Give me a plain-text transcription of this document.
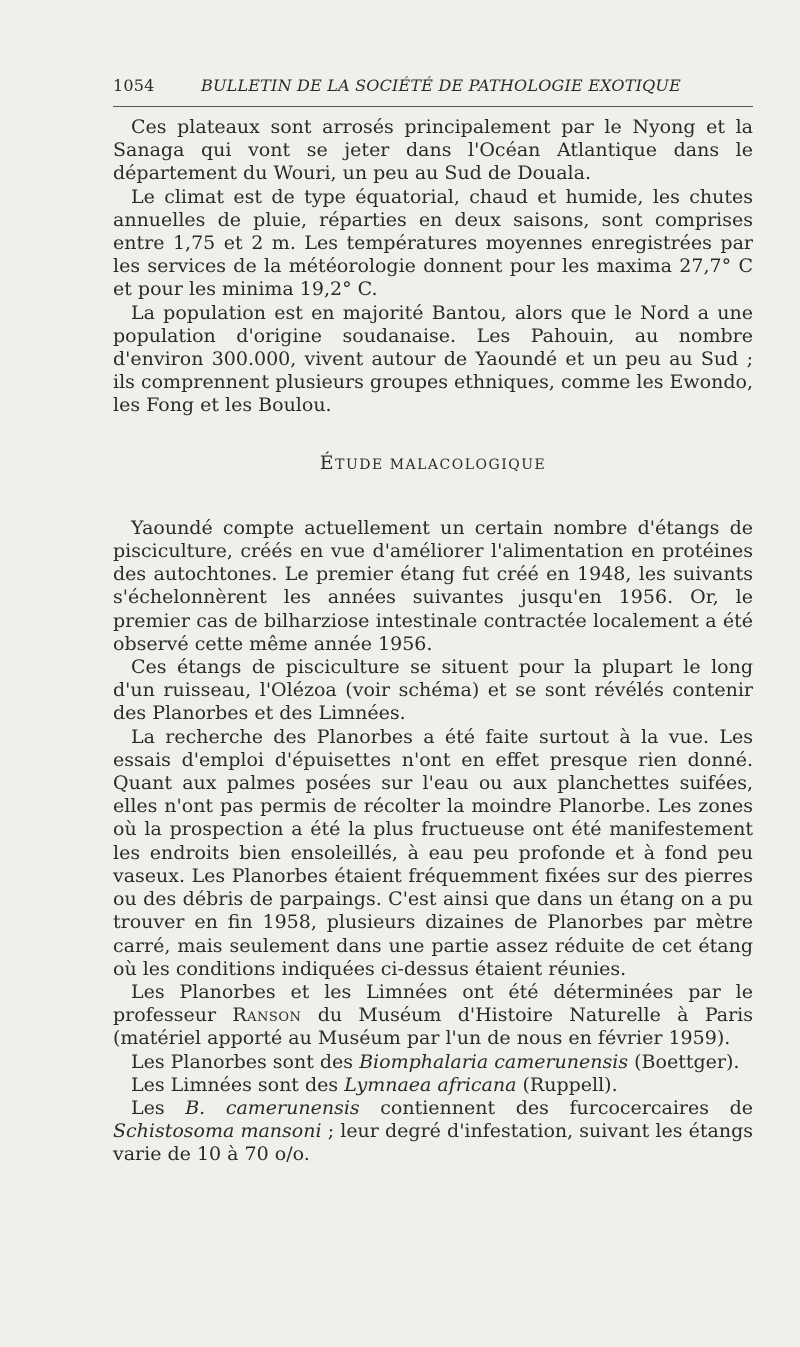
1054	BULLETIN DE LA SOCIÉTÉ DE PATHOLOGIE EXOTIQUE

Ces plateaux sont arrosés principalement par le Nyong et la Sanaga qui vont se jeter dans l'Océan Atlantique dans le département du Wouri, un peu au Sud de Douala.

Le climat est de type équatorial, chaud et humide, les chutes annuelles de pluie, réparties en deux saisons, sont comprises entre 1,75 et 2 m. Les températures moyennes enregistrées par les services de la météorologie donnent pour les maxima 27,7° C et pour les minima 19,2° C.

La population est en majorité Bantou, alors que le Nord a une population d'origine soudanaise. Les Pahouin, au nombre d'environ 300.000, vivent autour de Yaoundé et un peu au Sud ; ils comprennent plusieurs groupes ethniques, comme les Ewondo, les Fong et les Boulou.

ÉTUDE MALACOLOGIQUE

Yaoundé compte actuellement un certain nombre d'étangs de pisciculture, créés en vue d'améliorer l'alimentation en protéines des autochtones. Le premier étang fut créé en 1948, les suivants s'échelonnèrent les années suivantes jusqu'en 1956. Or, le premier cas de bilharziose intestinale contractée localement a été observé cette même année 1956.

Ces étangs de pisciculture se situent pour la plupart le long d'un ruisseau, l'Olézoa (voir schéma) et se sont révélés contenir des Planorbes et des Limnées.

La recherche des Planorbes a été faite surtout à la vue. Les essais d'emploi d'épuisettes n'ont en effet presque rien donné. Quant aux palmes posées sur l'eau ou aux planchettes suifées, elles n'ont pas permis de récolter la moindre Planorbe. Les zones où la prospection a été la plus fructueuse ont été manifestement les endroits bien ensoleillés, à eau peu profonde et à fond peu vaseux. Les Planorbes étaient fréquemment fixées sur des pierres ou des débris de parpaings. C'est ainsi que dans un étang on a pu trouver en fin 1958, plusieurs dizaines de Planorbes par mètre carré, mais seulement dans une partie assez réduite de cet étang où les conditions indiquées ci-dessus étaient réunies.

Les Planorbes et les Limnées ont été déterminées par le professeur Ranson du Muséum d'Histoire Naturelle à Paris (matériel apporté au Muséum par l'un de nous en février 1959).

Les Planorbes sont des Biomphalaria camerunensis (Boettger).

Les Limnées sont des Lymnaea africana (Ruppell).

Les B. camerunensis contiennent des furcocercaires de Schistosoma mansoni ; leur degré d'infestation, suivant les étangs varie de 10 à 70 o/o.
